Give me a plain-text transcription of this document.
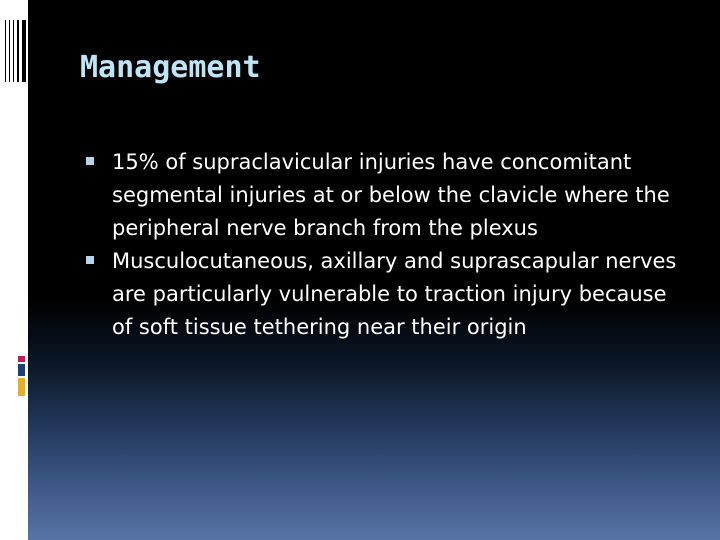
Management
15% of supraclavicular injuries have concomitant segmental injuries at or below the clavicle where the peripheral nerve branch from the plexus
Musculocutaneous, axillary and suprascapular nerves are particularly vulnerable to traction injury because of soft tissue tethering near their origin
